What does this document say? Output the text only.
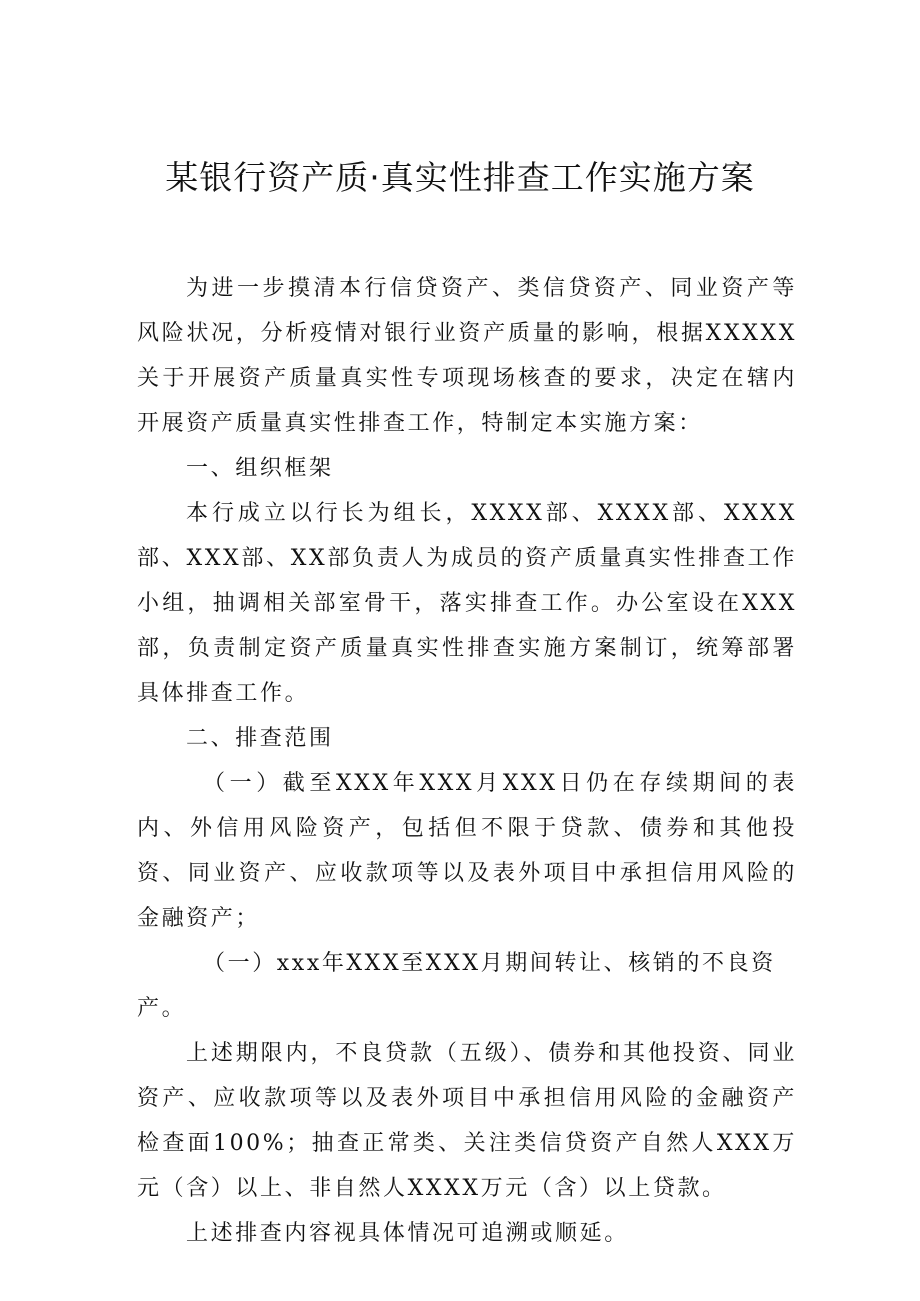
某银行资产质·真实性排查工作实施方案

为进一步摸清本行信贷资产、类信贷资产、同业资产等风险状况，分析疫情对银行业资产质量的影响，根据XXXXX关于开展资产质量真实性专项现场核查的要求，决定在辖内开展资产质量真实性排查工作，特制定本实施方案：

一、组织框架

本行成立以行长为组长，XXXX部、XXXX部、XXXX部、XXX部、XX部负责人为成员的资产质量真实性排查工作小组，抽调相关部室骨干，落实排查工作。办公室设在XXX部，负责制定资产质量真实性排查实施方案制订，统筹部署具体排查工作。

二、排查范围

（一）截至XXX年XXX月XXX日仍在存续期间的表内、外信用风险资产，包括但不限于贷款、债券和其他投资、同业资产、应收款项等以及表外项目中承担信用风险的金融资产；

（一）xxx年XXX至XXX月期间转让、核销的不良资产。

上述期限内，不良贷款（五级）、债券和其他投资、同业资产、应收款项等以及表外项目中承担信用风险的金融资产检查面100%；抽查正常类、关注类信贷资产自然人XXX万元（含）以上、非自然人XXXX万元（含）以上贷款。

上述排查内容视具体情况可追溯或顺延。
